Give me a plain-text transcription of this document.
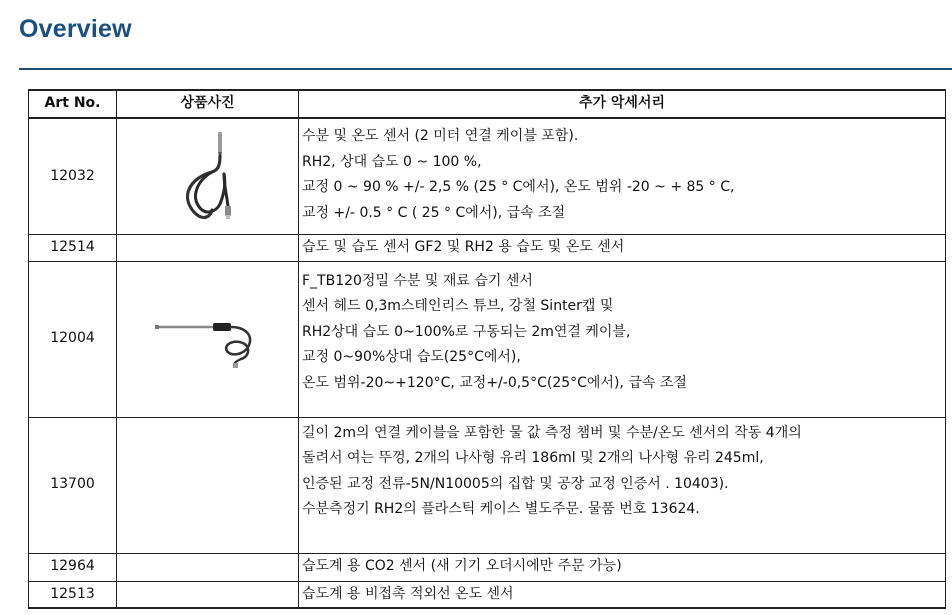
Overview
Art No.	상품사진	추가 악세서리
12032		수분 및 온도 센서 (2 미터 연결 케이블 포함).
RH2, 상대 습도 0 ~ 100 %,
교정 0 ~ 90 % +/- 2,5 % (25 ° C에서), 온도 범위 -20 ~ + 85 ° C,
교정 +/- 0.5 ° C ( 25 ° C에서), 급속 조절

12514		습도 및 습도 센서 GF2 및 RH2 용 습도 및 온도 센서

12004		F_TB120정밀 수분 및 재료 습기 센서
센서 헤드 0,3m스테인리스 튜브, 강철 Sinter캡 및
RH2상대 습도 0~100%로 구동되는 2m연결 케이블,
교정 0~90%상대 습도(25°C에서),
온도 범위-20~+120°C, 교정+/-0,5°C(25°C에서), 급속 조절

13700		길이 2m의 연결 케이블을 포함한 물 값 측정 챔버 및 수분/온도 센서의 작동 4개의
돌려서 여는 뚜껑, 2개의 나사형 유리 186ml 및 2개의 나사형 유리 245ml,
인증된 교정 전류-5N/N10005의 집합 및 공장 교정 인증서 . 10403).
수분측정기 RH2의 플라스틱 케이스 별도주문. 물품 번호 13624.

12964		습도계 용 CO2 센서 (새 기기 오더시에만 주문 가능)

12513		습도계 용 비접촉 적외선 온도 센서
